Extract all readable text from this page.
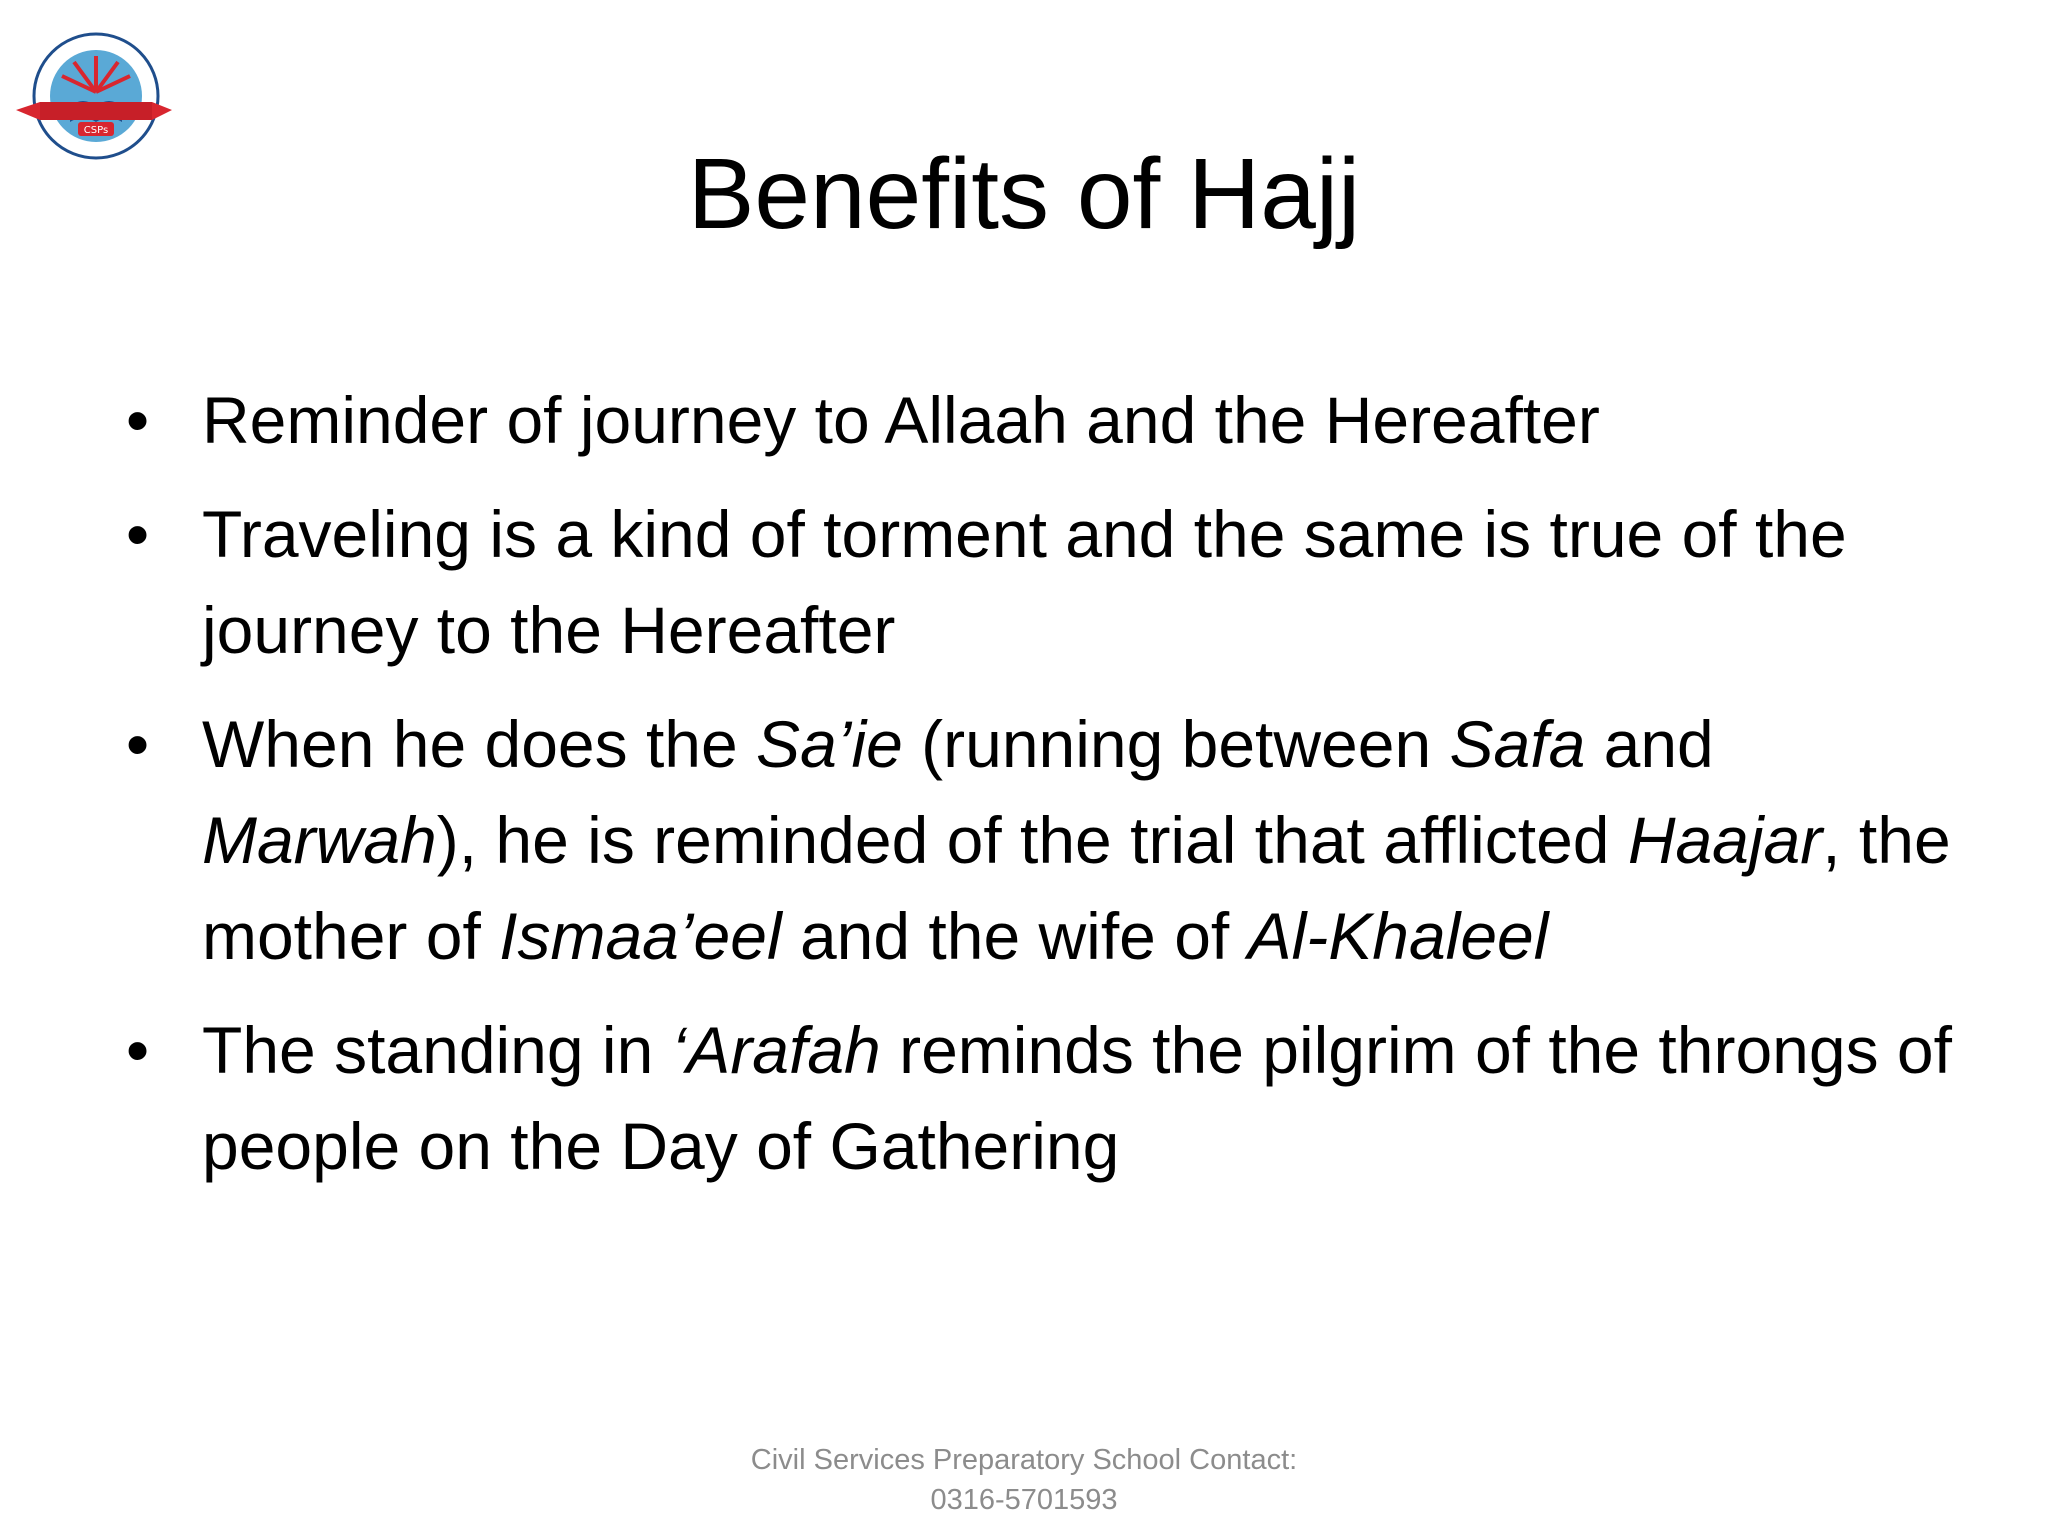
CSPs
Benefits of Hajj
• Reminder of journey to Allaah and the Hereafter
• Traveling is a kind of torment and the same is true of the journey to the Hereafter
• When he does the Sa’ie (running between Safa and Marwah), he is reminded of the trial that afflicted Haajar, the mother of Ismaa’eel and the wife of Al-Khaleel
• The standing in ‘Arafah reminds the pilgrim of the throngs of people on the Day of Gathering
Civil Services Preparatory School Contact:
0316-5701593
